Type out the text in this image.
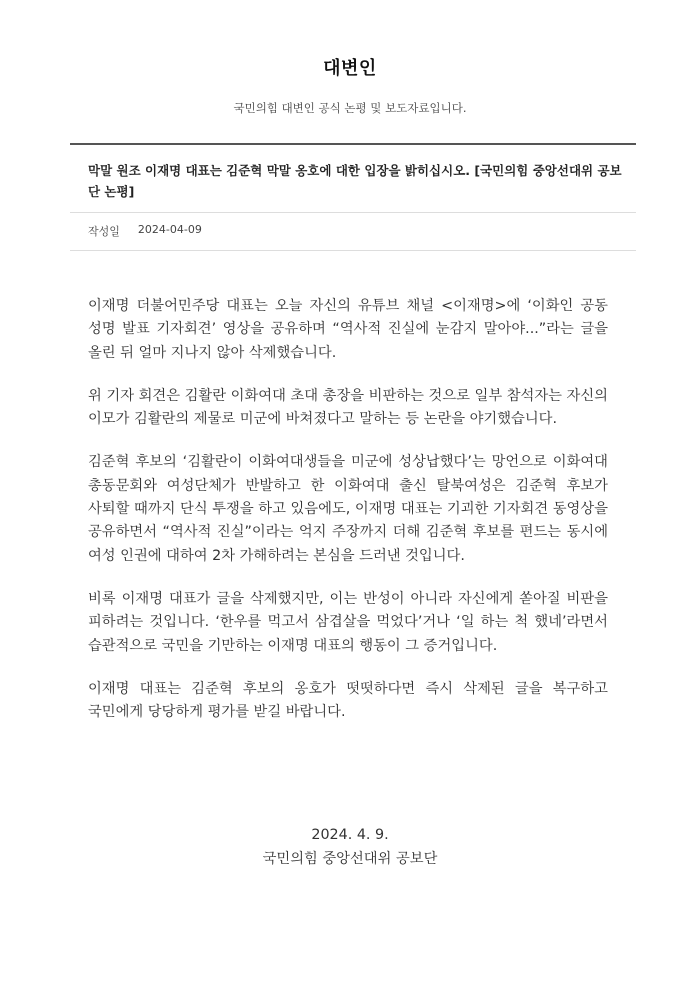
대변인
국민의힘 대변인 공식 논평 및 보도자료입니다.
막말 원조 이재명 대표는 김준혁 막말 옹호에 대한 입장을 밝히십시오. [국민의힘 중앙선대위 공보단 논평]
작성일 2024-04-09

이재명 더불어민주당 대표는 오늘 자신의 유튜브 채널 <이재명>에 ‘이화인 공동 성명 발표 기자회견’ 영상을 공유하며 “역사적 진실에 눈감지 말아야...”라는 글을 올린 뒤 얼마 지나지 않아 삭제했습니다.

위 기자 회견은 김활란 이화여대 초대 총장을 비판하는 것으로 일부 참석자는 자신의 이모가 김활란의 제물로 미군에 바쳐졌다고 말하는 등 논란을 야기했습니다.

김준혁 후보의 ‘김활란이 이화여대생들을 미군에 성상납했다’는 망언으로 이화여대 총동문회와 여성단체가 반발하고 한 이화여대 출신 탈북여성은 김준혁 후보가 사퇴할 때까지 단식 투쟁을 하고 있음에도, 이재명 대표는 기괴한 기자회견 동영상을 공유하면서 “역사적 진실”이라는 억지 주장까지 더해 김준혁 후보를 편드는 동시에 여성 인권에 대하여 2차 가해하려는 본심을 드러낸 것입니다.

비록 이재명 대표가 글을 삭제했지만, 이는 반성이 아니라 자신에게 쏟아질 비판을 피하려는 것입니다. ‘한우를 먹고서 삼겹살을 먹었다’거나 ‘일 하는 척 했네’라면서 습관적으로 국민을 기만하는 이재명 대표의 행동이 그 증거입니다.

이재명 대표는 김준혁 후보의 옹호가 떳떳하다면 즉시 삭제된 글을 복구하고 국민에게 당당하게 평가를 받길 바랍니다.

2024. 4. 9.
국민의힘 중앙선대위 공보단
